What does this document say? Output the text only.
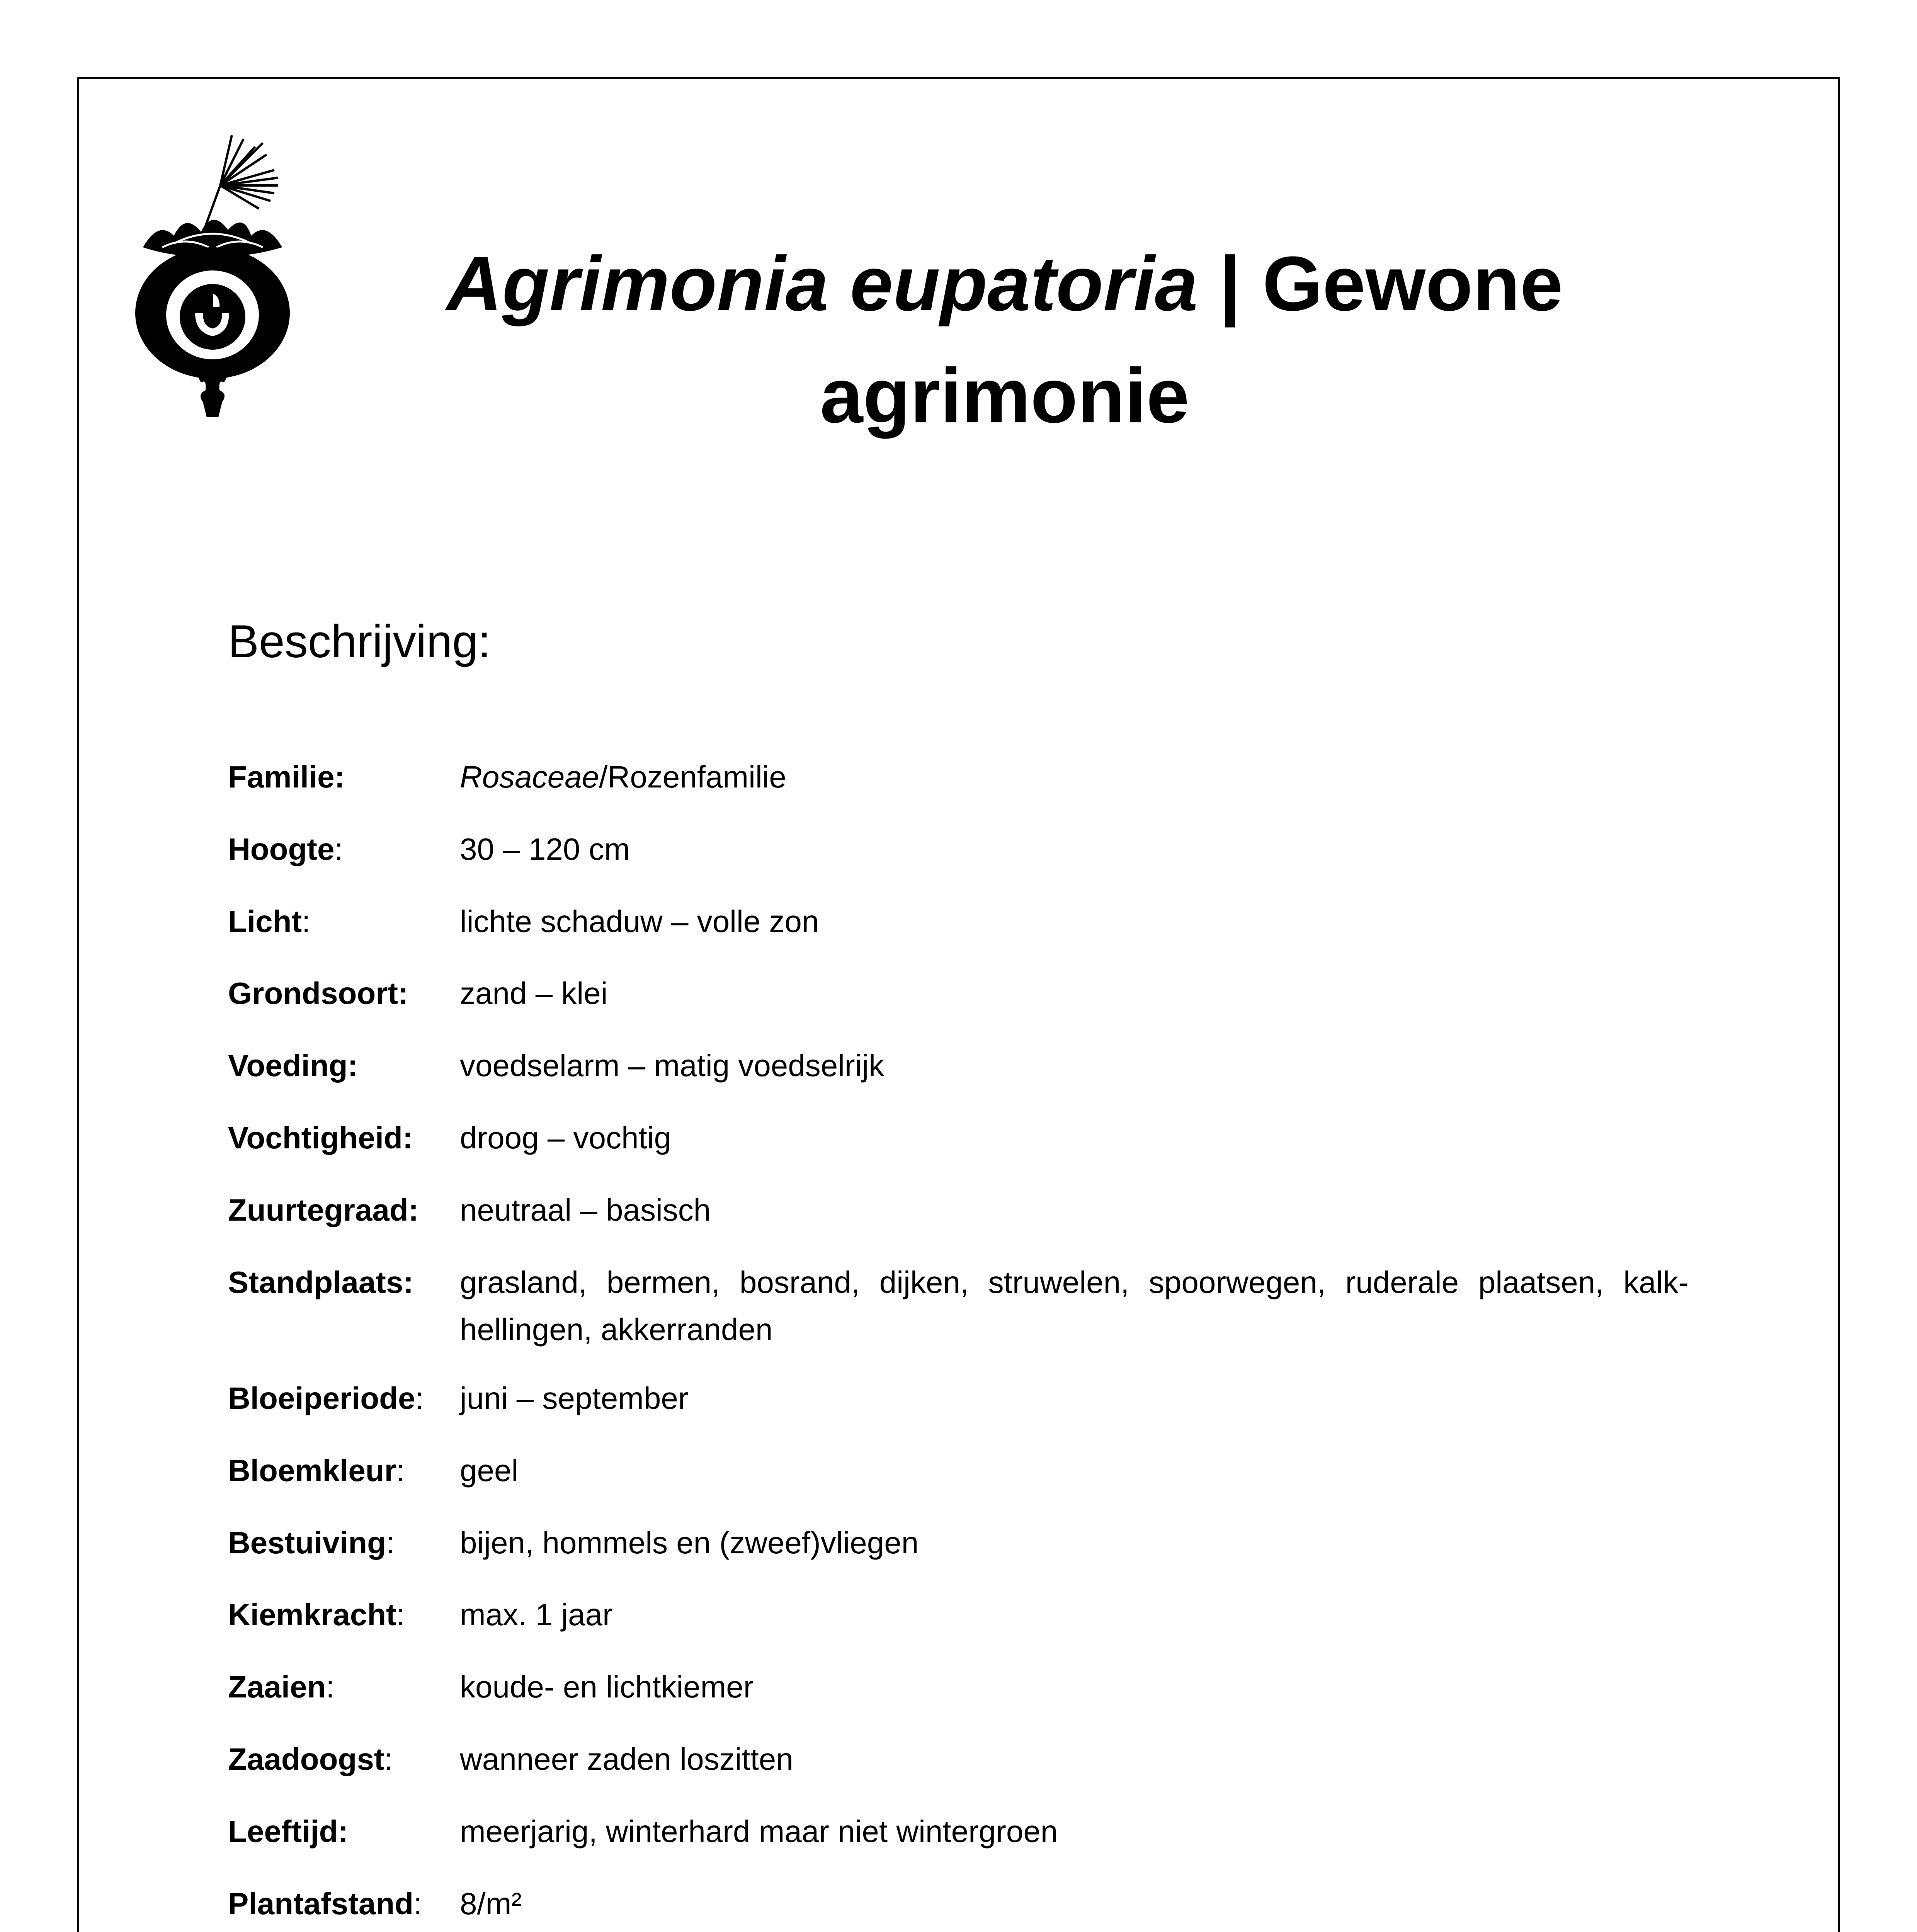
Agrimonia eupatoria | Gewone agrimonie
Beschrijving:
Familie:	Rosaceae/Rozenfamilie
Hoogte:	30 – 120 cm
Licht:	lichte schaduw – volle zon
Grondsoort:	zand – klei
Voeding:	voedselarm – matig voedselrijk
Vochtigheid:	droog – vochtig
Zuurtegraad:	neutraal – basisch
Standplaats:	grasland, bermen, bosrand, dijken, struwelen, spoorwegen, ruderale plaatsen, kalk-hellingen, akkerranden
Bloeiperiode:	juni – september
Bloemkleur:	geel
Bestuiving:	bijen, hommels en (zweef)vliegen
Kiemkracht:	max. 1 jaar
Zaaien:	koude- en lichtkiemer
Zaadoogst:	wanneer zaden loszitten
Leeftijd:	meerjarig, winterhard maar niet wintergroen
Plantafstand:	8/m²
